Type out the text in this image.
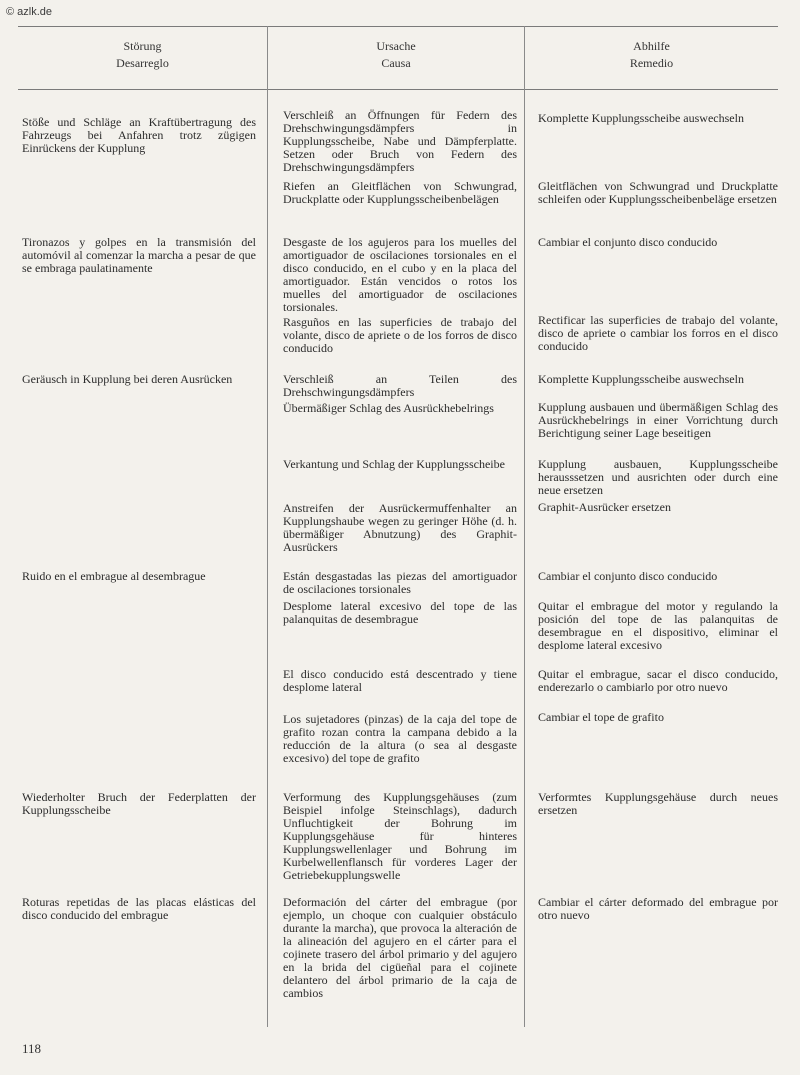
© azlk.de
Störung
Desarreglo
Ursache
Causa
Abhilfe
Remedio
Stöße und Schläge an Kraftübertragung des Fahrzeugs bei Anfahren trotz zügigen Einrückens der Kupplung
Verschleiß an Öffnungen für Federn des Drehschwingungsdämpfers in Kupplungsscheibe, Nabe und Dämpferplatte. Setzen oder Bruch von Federn des Drehschwingungsdämpfers
Riefen an Gleitflächen von Schwungrad, Druckplatte oder Kupplungsscheibenbelägen
Komplette Kupplungsscheibe auswechseln
Gleitflächen von Schwungrad und Druckplatte schleifen oder Kupplungsscheibenbeläge ersetzen
Tironazos y golpes en la transmisión del automóvil al comenzar la marcha a pesar de que se embraga paulatinamente
Desgaste de los agujeros para los muelles del amortiguador de oscilaciones torsionales en el disco conducido, en el cubo y en la placa del amortiguador. Están vencidos o rotos los muelles del amortiguador de oscilaciones torsionales.
Rasguños en las superficies de trabajo del volante, disco de apriete o de los forros de disco conducido
Cambiar el conjunto disco conducido
Rectificar las superficies de trabajo del volante, disco de apriete o cambiar los forros en el disco conducido
Geräusch in Kupplung bei deren Ausrücken	Verschleiß an Teilen des Drehschwingungsdämpfers
Übermäßiger Schlag des Ausrückhebelrings
Verkantung und Schlag der Kupplungsscheibe
Anstreifen der Ausrückermuffenhalter an Kupplungshaube wegen zu geringer Höhe (d. h. übermäßiger Abnutzung) des Graphit-Ausrückers
Komplette Kupplungsscheibe auswechseln
Kupplung ausbauen und übermäßigen Schlag des Ausrückhebelrings in einer Vorrichtung durch Berichtigung seiner Lage beseitigen
Kupplung ausbauen, Kupplungsscheibe herausssetzen und ausrichten oder durch eine neue ersetzen
Graphit-Ausrücker ersetzen
Ruido en el embrague al desembrague	Están desgastadas las piezas del amortiguador de oscilaciones torsionales
Desplome lateral excesivo del tope de las palanquitas de desembrague
El disco conducido está descentrado y tiene desplome lateral
Los sujetadores (pinzas) de la caja del tope de grafito rozan contra la campana debido a la reducción de la altura (o sea al desgaste excesivo) del tope de grafito
Cambiar el conjunto disco conducido
Quitar el embrague del motor y regulando la posición del tope de las palanquitas de desembrague en el dispositivo, eliminar el desplome lateral excesivo
Quitar el embrague, sacar el disco conducido, enderezarlo o cambiarlo por otro nuevo
Cambiar el tope de grafito
Wiederholter Bruch der Federplatten der Kupplungsscheibe
Verformung des Kupplungsgehäuses (zum Beispiel infolge Steinschlags), dadurch Unfluchtigkeit der Bohrung im Kupplungsgehäuse für hinteres Kupplungswellenlager und Bohrung im Kurbelwellenflansch für vorderes Lager der Getriebekupplungswelle
Verformtes Kupplungsgehäuse durch neues ersetzen
Roturas repetidas de las placas elásticas del disco conducido del embrague
Deformación del cárter del embrague (por ejemplo, un choque con cualquier obstáculo durante la marcha), que provoca la alteración de la alineación del agujero en el cárter para el cojinete trasero del árbol primario y del agujero en la brida del cigüeñal para el cojinete delantero del árbol primario de la caja de cambios
Cambiar el cárter deformado del embrague por otro nuevo
118
